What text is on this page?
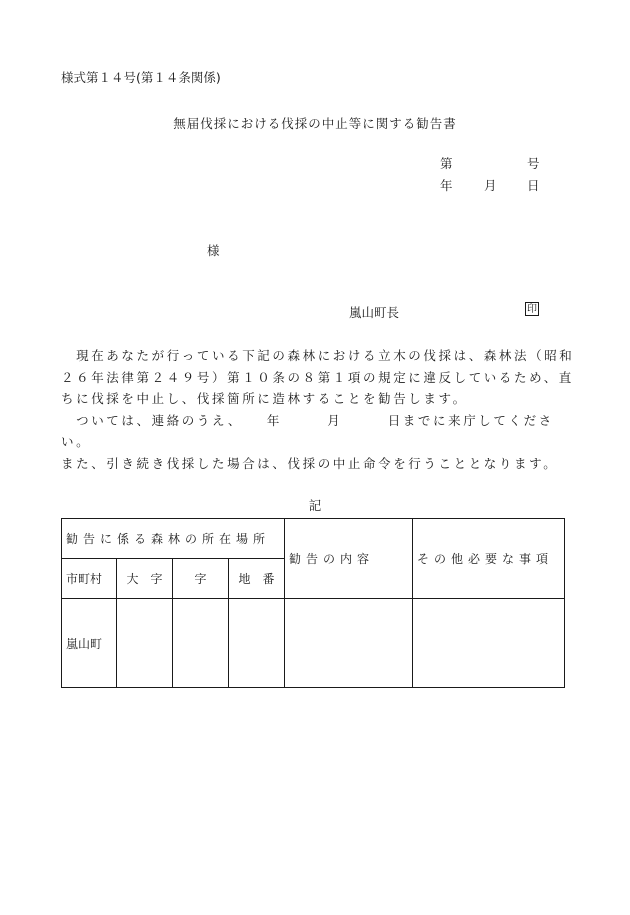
様式第１４号(第１４条関係)
無届伐採における伐採の中止等に関する勧告書
第	号
年	月 日
様
嵐山町長	印

　現在あなたが行っている下記の森林における立木の伐採は、森林法（昭和２６年法律第２４９号）第１０条の８第１項の規定に違反しているため、直ちに伐採を中止し、伐採箇所に造林することを勧告します。

　ついては、連絡のうえ、　　年　　　月　　　日までに来庁してください。

また、引き続き伐採した場合は、伐採の中止命令を行うこととなります。

記
勧告に係る森林の所在場所				勧告の内容	その他必要な事項
市町村	大　字	字	地　番		
嵐山町					
